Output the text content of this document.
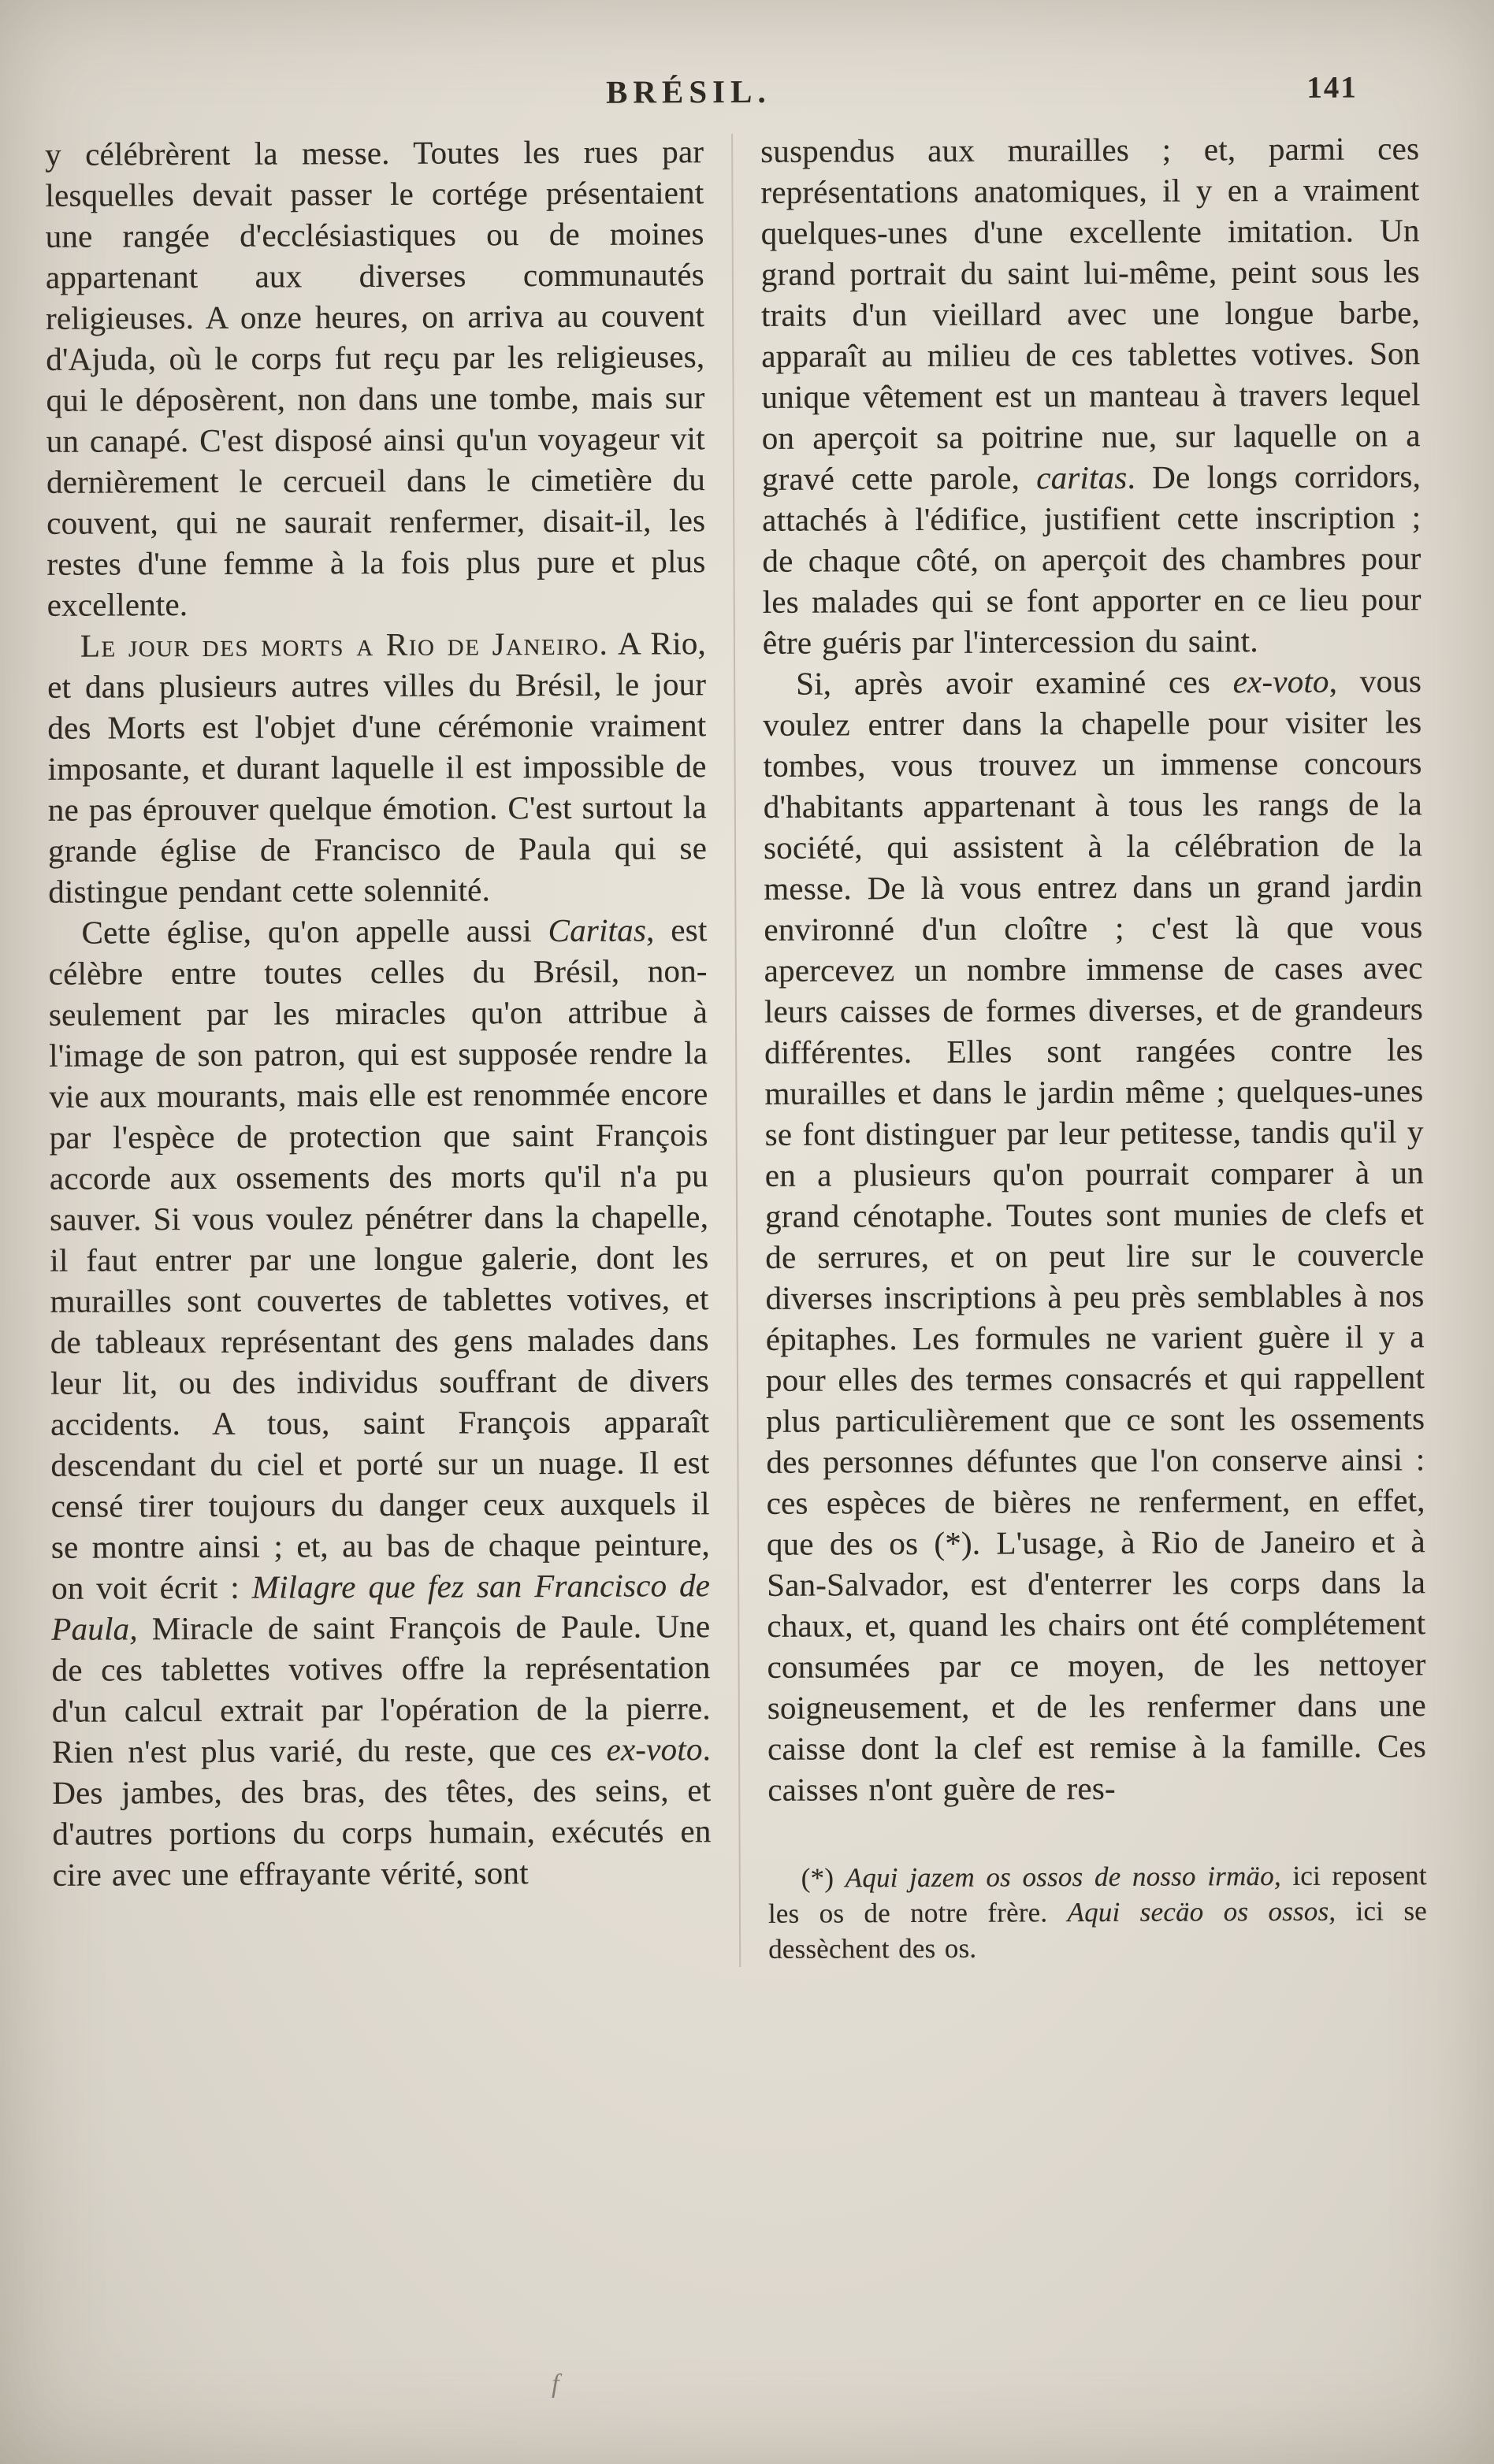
BRÉSIL.	141

y célébrèrent la messe. Toutes les rues par lesquelles devait passer le cortége présentaient une rangée d'ecclésiastiques ou de moines appartenant aux diverses communautés religieuses. A onze heures, on arriva au couvent d'Ajuda, où le corps fut reçu par les religieuses, qui le déposèrent, non dans une tombe, mais sur un canapé. C'est disposé ainsi qu'un voyageur vit dernièrement le cercueil dans le cimetière du couvent, qui ne saurait renfermer, disait-il, les restes d'une femme à la fois plus pure et plus excellente.

Le jour des morts a Rio de Janeiro. A Rio, et dans plusieurs autres villes du Brésil, le jour des Morts est l'objet d'une cérémonie vraiment imposante, et durant laquelle il est impossible de ne pas éprouver quelque émotion. C'est surtout la grande église de Francisco de Paula qui se distingue pendant cette solennité.

Cette église, qu'on appelle aussi Caritas, est célèbre entre toutes celles du Brésil, non-seulement par les miracles qu'on attribue à l'image de son patron, qui est supposée rendre la vie aux mourants, mais elle est renommée encore par l'espèce de protection que saint François accorde aux ossements des morts qu'il n'a pu sauver. Si vous voulez pénétrer dans la chapelle, il faut entrer par une longue galerie, dont les murailles sont couvertes de tablettes votives, et de tableaux représentant des gens malades dans leur lit, ou des individus souffrant de divers accidents. A tous, saint François apparaît descendant du ciel et porté sur un nuage. Il est censé tirer toujours du danger ceux auxquels il se montre ainsi ; et, au bas de chaque peinture, on voit écrit : Milagre que fez san Francisco de Paula, Miracle de saint François de Paule. Une de ces tablettes votives offre la représentation d'un calcul extrait par l'opération de la pierre. Rien n'est plus varié, du reste, que ces ex-voto. Des jambes, des bras, des têtes, des seins, et d'autres portions du corps humain, exécutés en cire avec une effrayante vérité, sont

suspendus aux murailles ; et, parmi ces représentations anatomiques, il y en a vraiment quelques-unes d'une excellente imitation. Un grand portrait du saint lui-même, peint sous les traits d'un vieillard avec une longue barbe, apparaît au milieu de ces tablettes votives. Son unique vêtement est un manteau à travers lequel on aperçoit sa poitrine nue, sur laquelle on a gravé cette parole, caritas. De longs corridors, attachés à l'édifice, justifient cette inscription ; de chaque côté, on aperçoit des chambres pour les malades qui se font apporter en ce lieu pour être guéris par l'intercession du saint.

Si, après avoir examiné ces ex-voto, vous voulez entrer dans la chapelle pour visiter les tombes, vous trouvez un immense concours d'habitants appartenant à tous les rangs de la société, qui assistent à la célébration de la messe. De là vous entrez dans un grand jardin environné d'un cloître ; c'est là que vous apercevez un nombre immense de cases avec leurs caisses de formes diverses, et de grandeurs différentes. Elles sont rangées contre les murailles et dans le jardin même ; quelques-unes se font distinguer par leur petitesse, tandis qu'il y en a plusieurs qu'on pourrait comparer à un grand cénotaphe. Toutes sont munies de clefs et de serrures, et on peut lire sur le couvercle diverses inscriptions à peu près semblables à nos épitaphes. Les formules ne varient guère il y a pour elles des termes consacrés et qui rappellent plus particulièrement que ce sont les ossements des personnes défuntes que l'on conserve ainsi : ces espèces de bières ne renferment, en effet, que des os (*). L'usage, à Rio de Janeiro et à San-Salvador, est d'enterrer les corps dans la chaux, et, quand les chairs ont été complétement consumées par ce moyen, de les nettoyer soigneusement, et de les renfermer dans une caisse dont la clef est remise à la famille. Ces caisses n'ont guère de res-

(*) Aqui jazem os ossos de nosso irmäo, ici reposent les os de notre frère. Aqui secäo os ossos, ici se dessèchent des os.

f
